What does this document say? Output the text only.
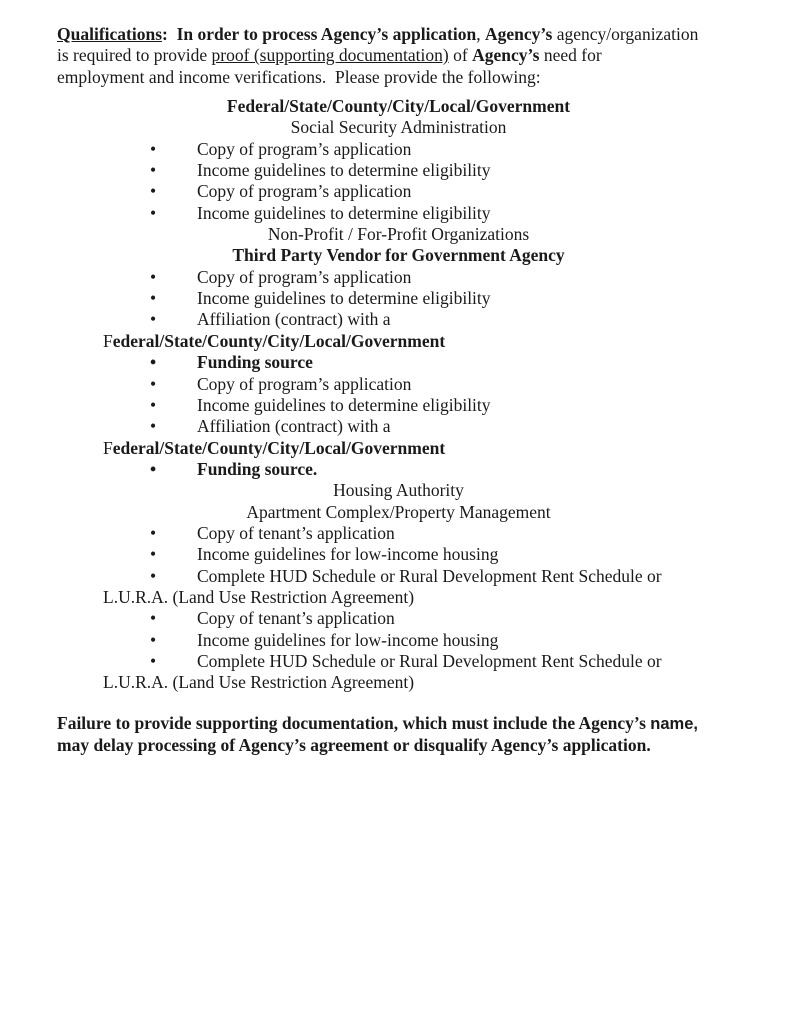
Qualifications:  In order to process Agency’s application, Agency’s agency/organization
is required to provide proof (supporting documentation) of Agency’s need for
employment and income verifications.  Please provide the following:
Federal/State/County/City/Local/Government
Social Security Administration
• Copy of program’s application
• Income guidelines to determine eligibility
• Copy of program’s application
• Income guidelines to determine eligibility
Non-Profit / For-Profit Organizations
Third Party Vendor for Government Agency
• Copy of program’s application
• Income guidelines to determine eligibility
• Affiliation (contract) with a
Federal/State/County/City/Local/Government
• Funding source
• Copy of program’s application
• Income guidelines to determine eligibility
• Affiliation (contract) with a
Federal/State/County/City/Local/Government
• Funding source.
Housing Authority
Apartment Complex/Property Management
• Copy of tenant’s application
• Income guidelines for low-income housing
• Complete HUD Schedule or Rural Development Rent Schedule or
L.U.R.A. (Land Use Restriction Agreement)
• Copy of tenant’s application
• Income guidelines for low-income housing
• Complete HUD Schedule or Rural Development Rent Schedule or
L.U.R.A. (Land Use Restriction Agreement)
Failure to provide supporting documentation, which must include the Agency’s name,
may delay processing of Agency’s agreement or disqualify Agency’s application.
